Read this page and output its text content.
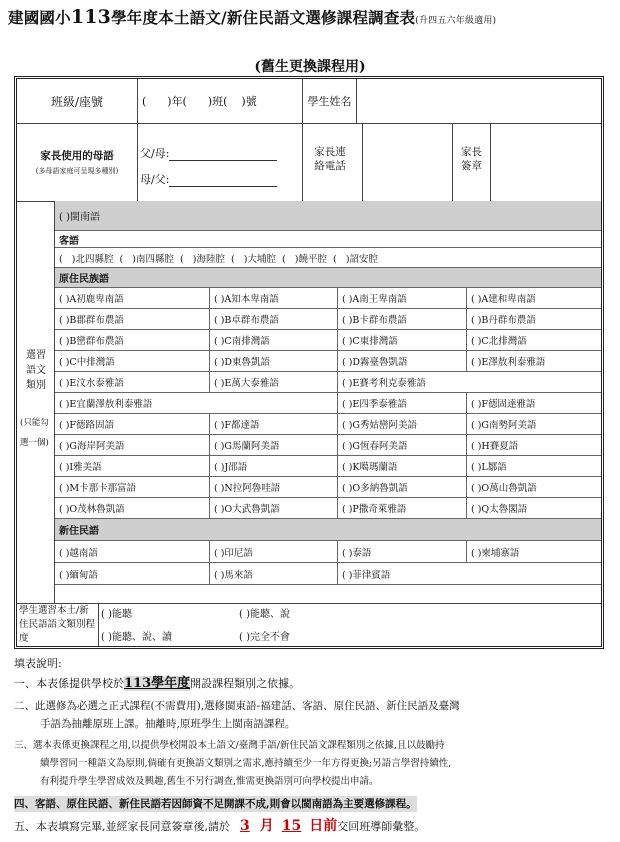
建國國小113學年度本土語文/新住民語文選修課程調查表(升四五六年級適用)
(舊生更換課程用)
班級/座號	(      )年(      )班(    )號	學生姓名
家長使用的母語
(多母語家庭可呈現多種別)
父/母:
母/父:
家長連絡電話
家長簽章
選習
語文
類別
(只能勾選一個)
( )閩南語
客語
(   )北四縣腔  (   )南四縣腔  (   )海陸腔  (   )大埔腔  (   )饒平腔  (   )詔安腔
原住民族語
( )A初鹿卑南語	( )A知本卑南語	( )A南王卑南語	( )A建和卑南語
( )B郡群布農語	( )B卓群布農語	( )B卡群布農語	( )B丹群布農語
( )B巒群布農語	( )C南排灣語	( )C東排灣語	( )C北排灣語
( )C中排灣語	( )D東魯凱語	( )D霧臺魯凱語	( )E澤敖利泰雅語
( )E汶水泰雅語	( )E萬大泰雅語	( )E賽考利克泰雅語
( )E宜蘭澤敖利泰雅語	( )E四季泰雅語	( )F德固達雅語
( )F德路固語	( )F都達語	( )G秀姑巒阿美語	( )G南勢阿美語
( )G海岸阿美語	( )G馬蘭阿美語	( )G恆春阿美語	( )H賽夏語
( )I雅美語	( )J邵語	( )K噶瑪蘭語	( )L鄒語
( )M卡那卡那富語	( )N拉阿魯哇語	( )O多納魯凱語	( )O萬山魯凱語
( )O茂林魯凱語	( )O大武魯凱語	( )P撒奇萊雅語	( )Q太魯閣語
新住民語
( )越南語	( )印尼語	( )泰語	( )柬埔寨語
( )緬甸語	( )馬來語	( )菲律賓語
學生選習本土/新住民語語文類別程度
( )能聽	( )能聽、說
( )能聽、說、讀	( )完全不會
填表說明:
一、本表係提供學校於113學年度開設課程類別之依據。
二、此選修為必選之正式課程(不需費用),選修閩東語-福建話、客語、原住民語、新住民語及臺灣
手語為抽離原班上課。抽離時,原班學生上閩南語課程。
三、選本表係更換課程之用,以提供學校開設本土語文/臺灣手語/新住民語文課程類別之依據,且以鼓勵持
續學習同一種語文為原則,倘確有更換語文類別之需求,應持續至少一年方得更換;另語言學習持續性,
有利提升學生學習成效及興趣,舊生不另行調查,惟需更換語別可向學校提出申請。
四、客語、原住民語、新住民語若因師資不足開課不成,則會以閩南語為主要選修課程。
五、本表填寫完畢,並經家長同意簽章後,請於 3 月 15 日前交回班導師彙整。
